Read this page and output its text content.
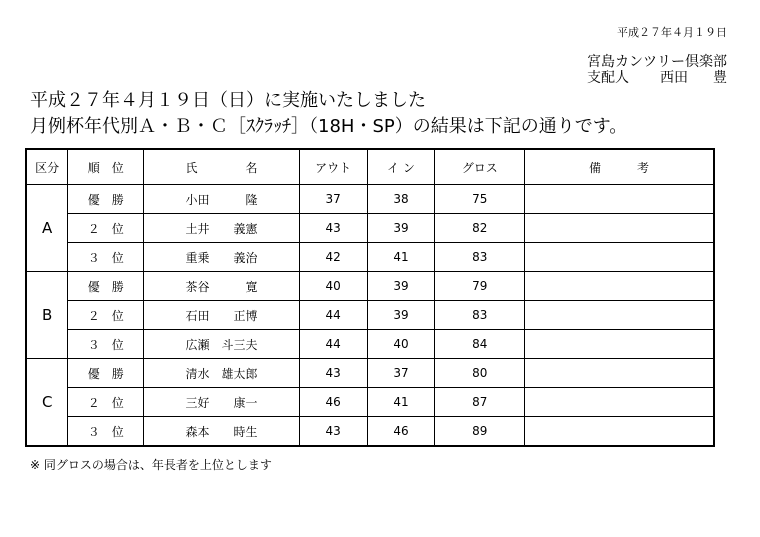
平成２７年４月１９日
宮島カンツリー倶楽部
支配人 西田 豊
平成２７年４月１９日（日）に実施いたしました
月例杯年代別Ａ・Ｂ・Ｃ［ｽｸﾗｯﾁ］（18H・SP）の結果は下記の通りです。
区分	順　位	氏　　　　名	アウト	イ ン	グロス	備　　　考
A	優　勝	小田　　　隆	37	38	75	
	２　位	土井　　義憲	43	39	82	
	３　位	重乗　　義治	42	41	83	
B	優　勝	茶谷　　　寛	40	39	79	
	２　位	石田　　正博	44	39	83	
	３　位	広瀬　斗三夫	44	40	84	
C	優　勝	清水　雄太郎	43	37	80	
	２　位	三好　　康一	46	41	87	
	３　位	森本　　時生	43	46	89	
※ 同グロスの場合は、年長者を上位とします
